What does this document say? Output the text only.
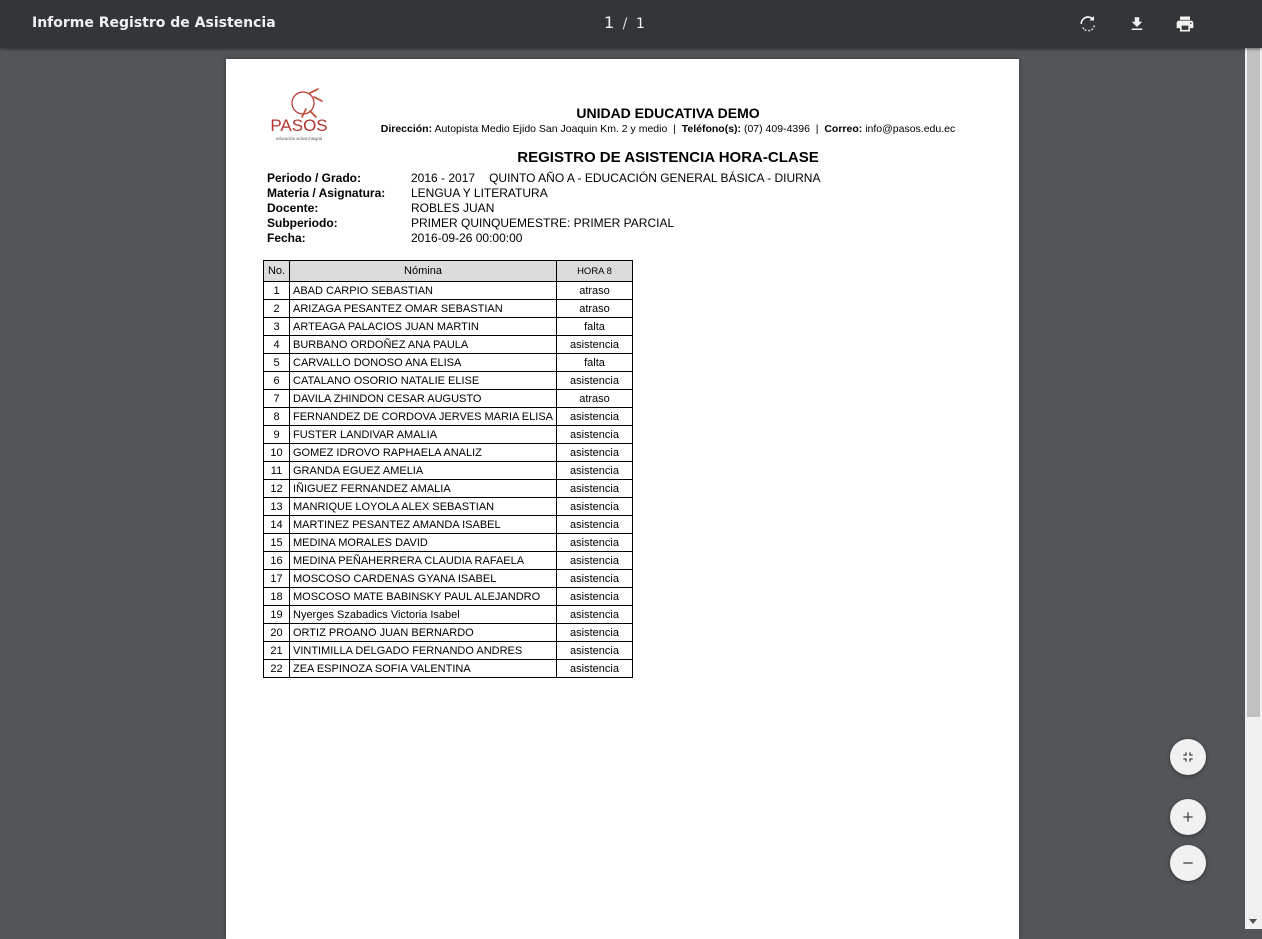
Informe Registro de Asistencia	1 / 1
PASOS
educación activa integral
UNIDAD EDUCATIVA DEMO
Dirección: Autopista Medio Ejido San Joaquin Km. 2 y medio  |  Teléfono(s): (07) 409-4396  |  Correo: info@pasos.edu.ec
REGISTRO DE ASISTENCIA HORA-CLASE
Periodo / Grado:	2016 - 2017 QUINTO AÑO A - EDUCACIÓN GENERAL BÁSICA - DIURNA
Materia / Asignatura: LENGUA Y LITERATURA
Docente:	ROBLES JUAN
Subperiodo:	PRIMER QUINQUEMESTRE: PRIMER PARCIAL
Fecha:	2016-09-26 00:00:00
No.	Nómina	HORA 8
1	ABAD CARPIO SEBASTIAN	atraso
2	ARIZAGA PESANTEZ OMAR SEBASTIAN	atraso
3	ARTEAGA PALACIOS JUAN MARTIN	falta
4	BURBANO ORDOÑEZ ANA PAULA	asistencia
5	CARVALLO DONOSO ANA ELISA	falta
6	CATALANO OSORIO NATALIE ELISE	asistencia
7	DAVILA ZHINDON CESAR AUGUSTO	atraso
8	FERNANDEZ DE CORDOVA JERVES MARIA ELISA	asistencia
9	FUSTER LANDIVAR AMALIA	asistencia
10	GOMEZ IDROVO RAPHAELA ANALIZ	asistencia
11	GRANDA EGUEZ AMELIA	asistencia
12	IÑIGUEZ FERNANDEZ AMALIA	asistencia
13	MANRIQUE LOYOLA ALEX SEBASTIAN	asistencia
14	MARTINEZ PESANTEZ AMANDA ISABEL	asistencia
15	MEDINA MORALES DAVID	asistencia
16	MEDINA PEÑAHERRERA CLAUDIA RAFAELA	asistencia
17	MOSCOSO CARDENAS GYANA ISABEL	asistencia
18	MOSCOSO MATE BABINSKY PAUL ALEJANDRO	asistencia
19	Nyerges Szabadics Victoria Isabel	asistencia
20	ORTIZ PROANO JUAN BERNARDO	asistencia
21	VINTIMILLA DELGADO FERNANDO ANDRES	asistencia
22	ZEA ESPINOZA SOFIA VALENTINA	asistencia
